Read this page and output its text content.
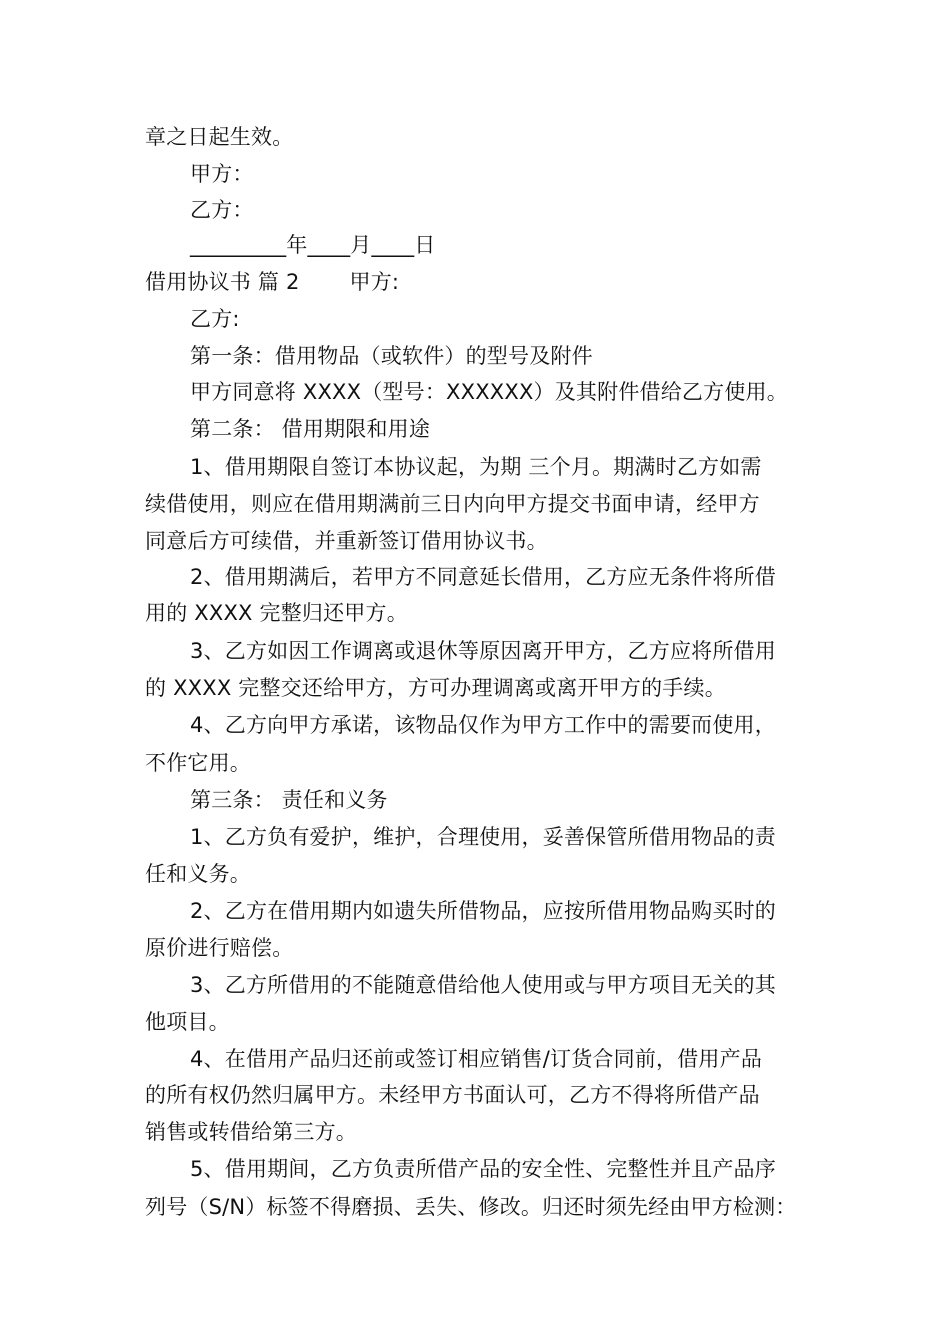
章之日起生效。
甲方：
乙方：
_________年____月____日
借用协议书 篇 2 甲方:
乙方:
第一条：借用物品（或软件）的型号及附件
甲方同意将 XXXX（型号：XXXXXX）及其附件借给乙方使用。
第二条： 借用期限和用途
1、借用期限自签订本协议起，为期 三个月。期满时乙方如需
续借使用，则应在借用期满前三日内向甲方提交书面申请，经甲方
同意后方可续借，并重新签订借用协议书。
2、借用期满后，若甲方不同意延长借用，乙方应无条件将所借
用的 XXXX 完整归还甲方。
3、乙方如因工作调离或退休等原因离开甲方，乙方应将所借用
的 XXXX 完整交还给甲方，方可办理调离或离开甲方的手续。
4、乙方向甲方承诺，该物品仅作为甲方工作中的需要而使用，
不作它用。
第三条： 责任和义务
1、乙方负有爱护，维护，合理使用，妥善保管所借用物品的责
任和义务。
2、乙方在借用期内如遗失所借物品，应按所借用物品购买时的
原价进行赔偿。
3、乙方所借用的不能随意借给他人使用或与甲方项目无关的其
他项目。
4、在借用产品归还前或签订相应销售/订货合同前，借用产品
的所有权仍然归属甲方。未经甲方书面认可，乙方不得将所借产品
销售或转借给第三方。
5、借用期间，乙方负责所借产品的安全性、完整性并且产品序
列号（S/N）标签不得磨损、丢失、修改。归还时须先经由甲方检测：
